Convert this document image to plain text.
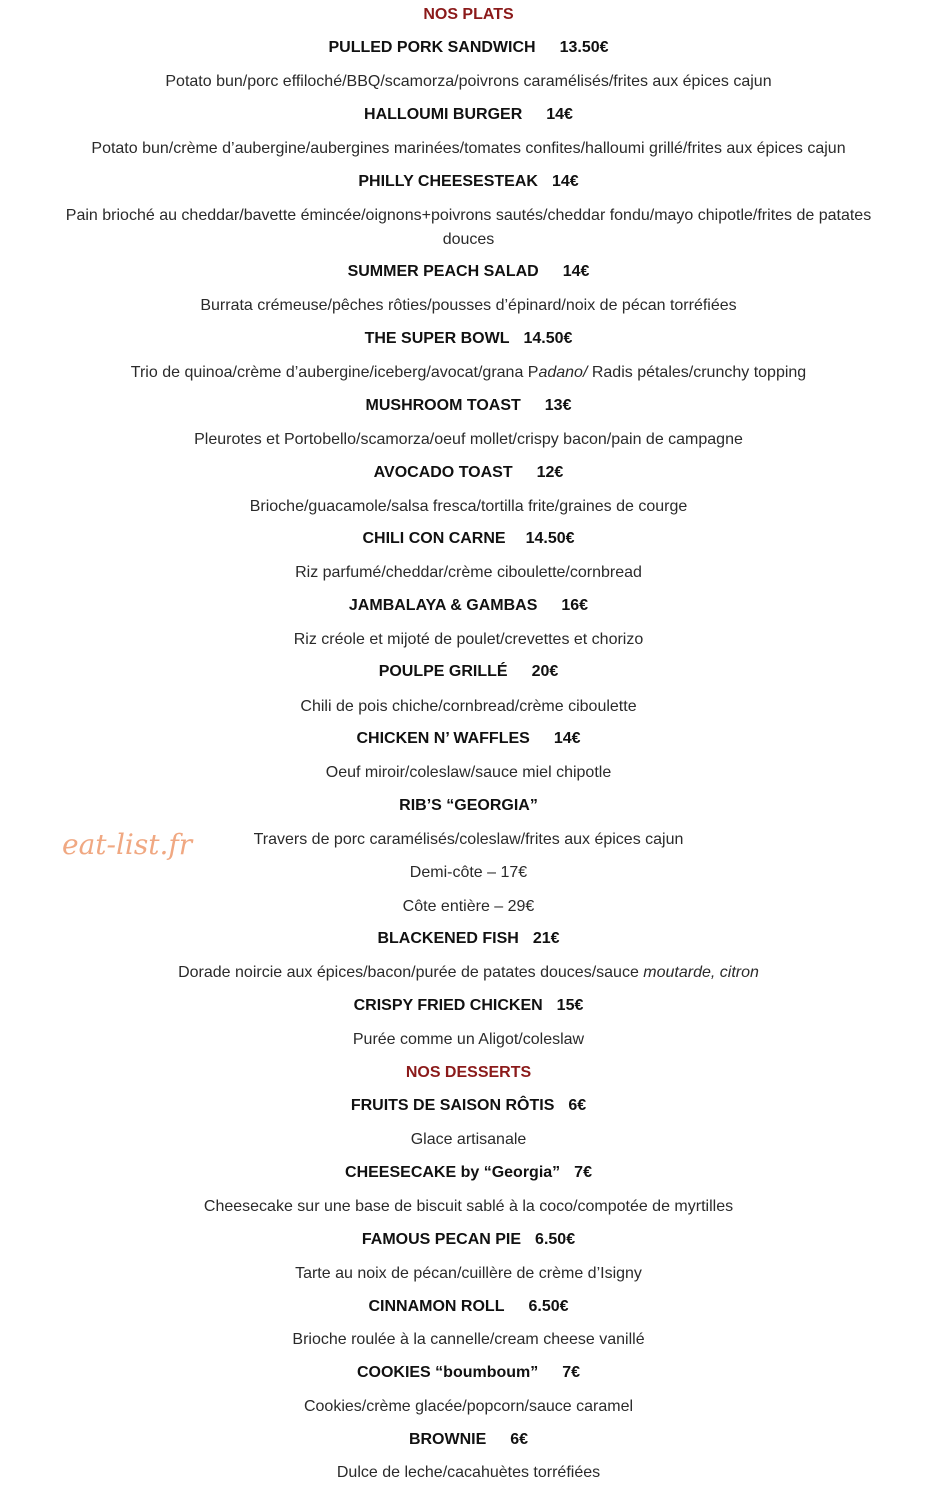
NOS PLATS
PULLED PORK SANDWICH 13.50€
Potato bun/porc effiloché/BBQ/scamorza/poivrons caramélisés/frites aux épices cajun
HALLOUMI BURGER 14€
Potato bun/crème d’aubergine/aubergines marinées/tomates confites/halloumi grillé/frites aux épices cajun
PHILLY CHEESESTEAK 14€
Pain brioché au cheddar/bavette émincée/oignons+poivrons sautés/cheddar fondu/mayo chipotle/frites de patates douces
SUMMER PEACH SALAD 14€
Burrata crémeuse/pêches rôties/pousses d’épinard/noix de pécan torréfiées
THE SUPER BOWL 14.50€
Trio de quinoa/crème d’aubergine/iceberg/avocat/grana Padano/ Radis pétales/crunchy topping
MUSHROOM TOAST 13€
Pleurotes et Portobello/scamorza/oeuf mollet/crispy bacon/pain de campagne
AVOCADO TOAST 12€
Brioche/guacamole/salsa fresca/tortilla frite/graines de courge
CHILI CON CARNE 14.50€
Riz parfumé/cheddar/crème ciboulette/cornbread
JAMBALAYA & GAMBAS 16€
Riz créole et mijoté de poulet/crevettes et chorizo
POULPE GRILLÉ 20€
Chili de pois chiche/cornbread/crème ciboulette
CHICKEN N’ WAFFLES 14€
Oeuf miroir/coleslaw/sauce miel chipotle
RIB’S “GEORGIA”
Travers de porc caramélisés/coleslaw/frites aux épices cajun
Demi-côte – 17€
Côte entière – 29€
BLACKENED FISH 21€
Dorade noircie aux épices/bacon/purée de patates douces/sauce moutarde, citron
CRISPY FRIED CHICKEN 15€
Purée comme un Aligot/coleslaw
NOS DESSERTS
FRUITS DE SAISON RÔTIS 6€
Glace artisanale
CHEESECAKE by “Georgia” 7€
Cheesecake sur une base de biscuit sablé à la coco/compotée de myrtilles
FAMOUS PECAN PIE 6.50€
Tarte au noix de pécan/cuillère de crème d’Isigny
CINNAMON ROLL 6.50€
Brioche roulée à la cannelle/cream cheese vanillé
COOKIES “boumboum” 7€
Cookies/crème glacée/popcorn/sauce caramel
BROWNIE 6€
Dulce de leche/cacahuètes torréfiées
eat-list.fr
